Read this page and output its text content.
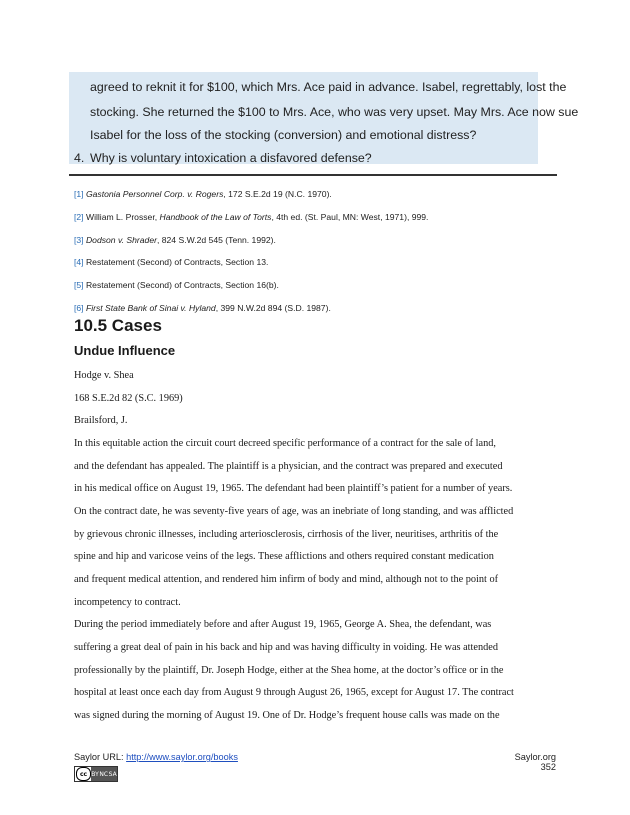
agreed to reknit it for $100, which Mrs. Ace paid in advance. Isabel, regrettably, lost the
stocking. She returned the $100 to Mrs. Ace, who was very upset. May Mrs. Ace now sue
Isabel for the loss of the stocking (conversion) and emotional distress?
4. Why is voluntary intoxication a disfavored defense?
[1] Gastonia Personnel Corp. v. Rogers, 172 S.E.2d 19 (N.C. 1970).
[2] William L. Prosser, Handbook of the Law of Torts, 4th ed. (St. Paul, MN: West, 1971), 999.
[3] Dodson v. Shrader, 824 S.W.2d 545 (Tenn. 1992).
[4] Restatement (Second) of Contracts, Section 13.
[5] Restatement (Second) of Contracts, Section 16(b).
[6] First State Bank of Sinai v. Hyland, 399 N.W.2d 894 (S.D. 1987).
10.5 Cases
Undue Influence
Hodge v. Shea
168 S.E.2d 82 (S.C. 1969)
Brailsford, J.
In this equitable action the circuit court decreed specific performance of a contract for the sale of land,
and the defendant has appealed. The plaintiff is a physician, and the contract was prepared and executed
in his medical office on August 19, 1965. The defendant had been plaintiff’s patient for a number of years.
On the contract date, he was seventy-five years of age, was an inebriate of long standing, and was afflicted
by grievous chronic illnesses, including arteriosclerosis, cirrhosis of the liver, neuritises, arthritis of the
spine and hip and varicose veins of the legs. These afflictions and others required constant medication
and frequent medical attention, and rendered him infirm of body and mind, although not to the point of
incompetency to contract.
During the period immediately before and after August 19, 1965, George A. Shea, the defendant, was
suffering a great deal of pain in his back and hip and was having difficulty in voiding. He was attended
professionally by the plaintiff, Dr. Joseph Hodge, either at the Shea home, at the doctor’s office or in the
hospital at least once each day from August 9 through August 26, 1965, except for August 17. The contract
was signed during the morning of August 19. One of Dr. Hodge’s frequent house calls was made on the
Saylor URL: http://www.saylor.org/books	Saylor.org
352
cc BY NC SA
